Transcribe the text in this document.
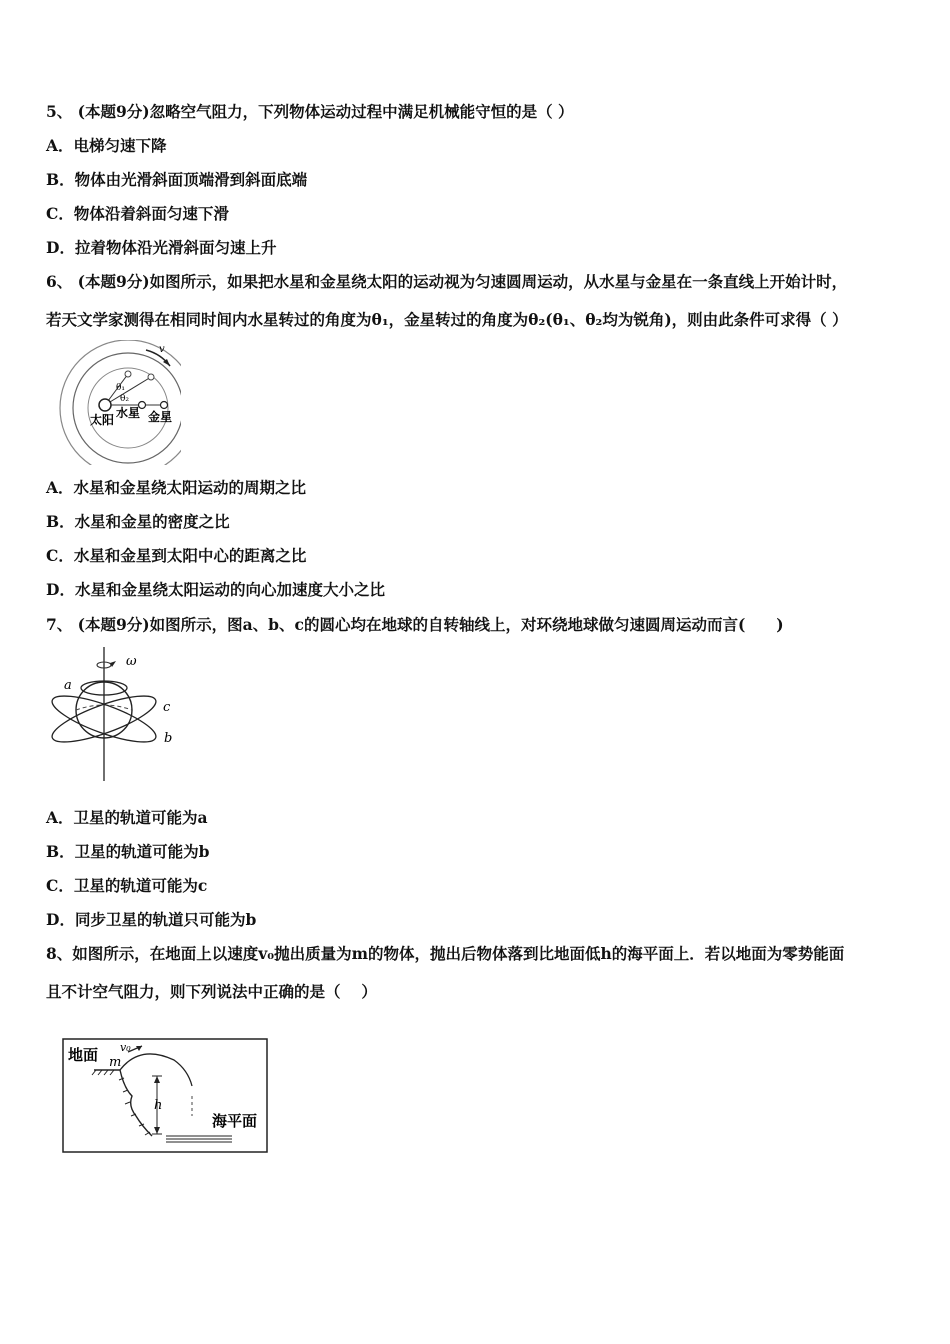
5、 (本题9分)忽略空气阻力，下列物体运动过程中满足机械能守恒的是（ ）
A．电梯匀速下降
B．物体由光滑斜面顶端滑到斜面底端
C．物体沿着斜面匀速下滑
D．拉着物体沿光滑斜面匀速上升
6、 (本题9分)如图所示，如果把水星和金星绕太阳的运动视为匀速圆周运动，从水星与金星在一条直线上开始计时，
若天文学家测得在相同时间内水星转过的角度为θ₁，金星转过的角度为θ₂(θ₁、θ₂均为锐角)，则由此条件可求得（ ）
v
θ₁
θ₂
太阳 水星 金星
A．水星和金星绕太阳运动的周期之比
B．水星和金星的密度之比
C．水星和金星到太阳中心的距离之比
D．水星和金星绕太阳运动的向心加速度大小之比
7、 (本题9分)如图所示，图a、b、c的圆心均在地球的自转轴线上，对环绕地球做匀速圆周运动而言(　　)
ω
a
c
b
A．卫星的轨道可能为a
B．卫星的轨道可能为b
C．卫星的轨道可能为c
D．同步卫星的轨道只可能为b
8、如图所示，在地面上以速度v₀抛出质量为m的物体，抛出后物体落到比地面低h的海平面上．若以地面为零势能面
且不计空气阻力，则下列说法中正确的是（　 ）
地面 v₀
m
h
海平面
